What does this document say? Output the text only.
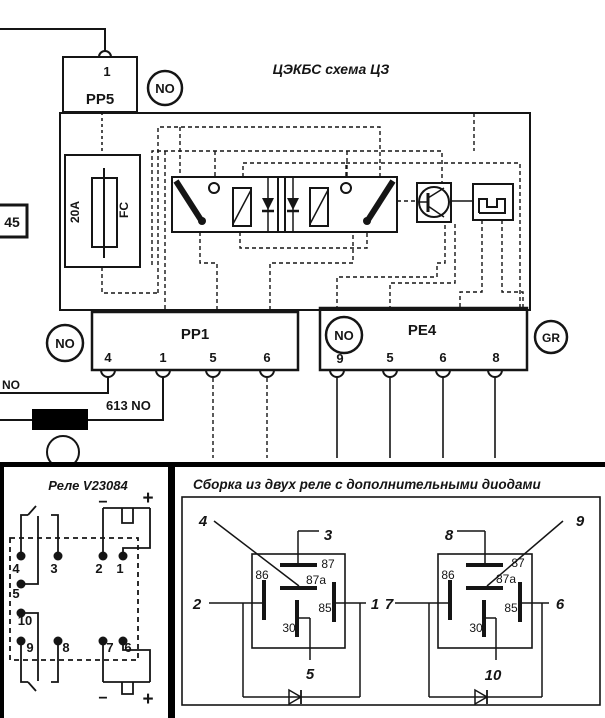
1
PP5
NO
ЦЭКБС схема ЦЗ
45	20A	FC
PP1
4	1	5	6
NO
PE4
5	6	8
NO
9
GR
NO
613 NO
Реле V23084
4 3	2 1
5
10
9 8	7 6
− +
− +
Сборка из двух реле с дополнительными диодами
87
87a
86
85
30
3
4
2	1
5
87
87a
86
85
30
8
9
7	6
10
